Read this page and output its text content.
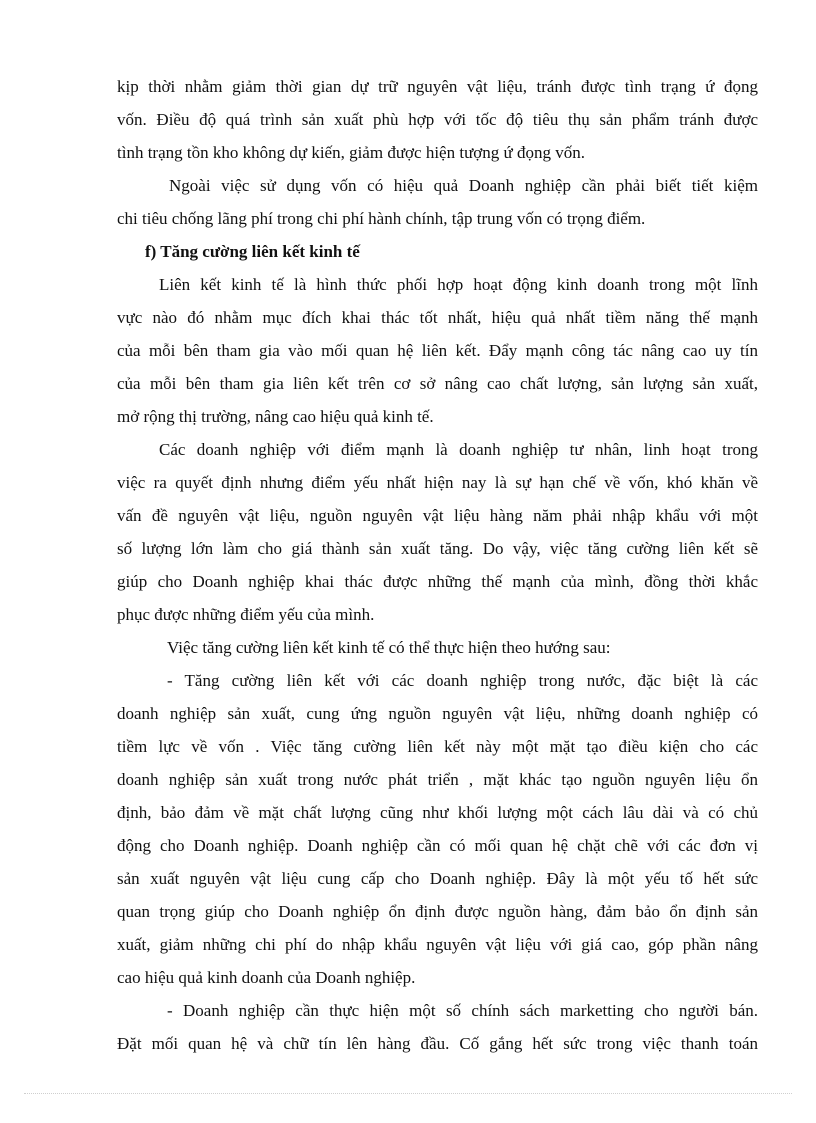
kịp thời nhằm giảm thời gian dự trữ nguyên vật liệu, tránh được tình trạng ứ đọng
vốn. Điều độ quá trình sản xuất phù hợp với tốc độ tiêu thụ sản phẩm tránh được
tình trạng tồn kho không dự kiến, giảm được hiện tượng ứ đọng vốn.
Ngoài việc sử dụng vốn có hiệu quả Doanh nghiệp cần phải biết tiết kiệm
chi tiêu chống lãng phí trong chi phí hành chính, tập trung vốn có trọng điểm.
f) Tăng cường liên kết kinh tế
Liên kết kinh tế là hình thức phối hợp hoạt động kinh doanh trong một lĩnh
vực nào đó nhằm mục đích khai thác tốt nhất, hiệu quả nhất tiềm năng thế mạnh
của mỗi bên tham gia vào mối quan hệ liên kết. Đẩy mạnh công tác nâng cao uy tín
của mỗi bên tham gia liên kết trên cơ sở nâng cao chất lượng, sản lượng sản xuất,
mở rộng thị trường, nâng cao hiệu quả kinh tế.
Các doanh nghiệp với điểm mạnh là doanh nghiệp tư nhân, linh hoạt trong
việc ra quyết định nhưng điểm yếu nhất hiện nay là sự hạn chế về vốn, khó khăn về
vấn đề nguyên vật liệu, nguồn nguyên vật liệu hàng năm phải nhập khẩu với một
số lượng lớn làm cho giá thành sản xuất tăng. Do vậy, việc tăng cường liên kết sẽ
giúp cho Doanh nghiệp khai thác được những thế mạnh của mình, đồng thời khắc
phục được những điểm yếu của mình.
Việc tăng cường liên kết kinh tế có thể thực hiện theo hướng sau:
- Tăng cường liên kết với các doanh nghiệp trong nước, đặc biệt là các
doanh nghiệp sản xuất, cung ứng nguồn nguyên vật liệu, những doanh nghiệp có
tiềm lực về vốn . Việc tăng cường liên kết này một mặt tạo điều kiện cho các
doanh nghiệp sản xuất trong nước phát triển , mặt khác tạo nguồn nguyên liệu ổn
định, bảo đảm về mặt chất lượng cũng như khối lượng một cách lâu dài và có chủ
động cho Doanh nghiệp. Doanh nghiệp cần có mối quan hệ chặt chẽ với các đơn vị
sản xuất nguyên vật liệu cung cấp cho Doanh nghiệp. Đây là một yếu tố hết sức
quan trọng giúp cho Doanh nghiệp ổn định được nguồn hàng, đảm bảo ổn định sản
xuất, giảm những chi phí do nhập khẩu nguyên vật liệu với giá cao, góp phần nâng
cao hiệu quả kinh doanh của Doanh nghiệp.
- Doanh nghiệp cần thực hiện một số chính sách marketting cho người bán.
Đặt mối quan hệ và chữ tín lên hàng đầu. Cố gắng hết sức trong việc thanh toán
